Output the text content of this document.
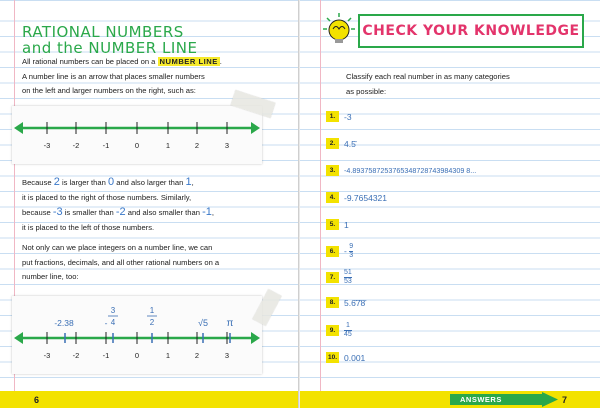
RATIONAL NUMBERS
and the NUMBER LINE
All rational numbers can be placed on a NUMBER LINE .
A number line is an arrow that places smaller numbers
on the left and larger numbers on the right, such as:
-3	-2	-1	0	1	2	3
Because 2 is larger than 0 and also larger than 1,
it is placed to the right of those numbers. Similarly,
because -3 is smaller than -2 and also smaller than -1,
it is placed to the left of those numbers.
Not only can we place integers on a number line, we can
put fractions, decimals, and all other rational numbers on a
number line, too:
-3	-2	-1	0	1	2	3
-2.38	-
3
4
1
2	√5 π
6
CHECK YOUR KNOWLEDGE
Classify each real number in as many categories
as possible:
1.	-3
2.	4.5̄
3.	-4.8937587253765348728743984309 8...
4.	-9.7654321
5.	1
6.	- $\frac{9}{3}$
7.	$\frac{51}{53}$
8.	5.6̄7̄8̄
9.	$\frac{1}{45}$
10. 0.001
ANSWERS	7
